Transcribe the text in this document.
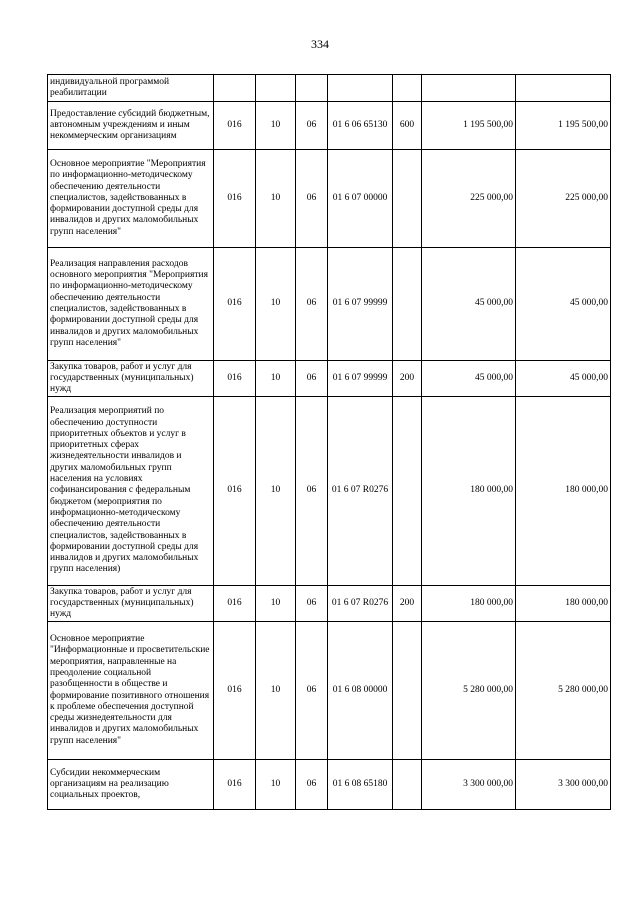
334
индивидуальной программой реабилитации							
Предоставление субсидий бюджетным, автономным учреждениям и иным некоммерческим организациям	016	10	06	01 6 06 65130	600	1 195 500,00	1 195 500,00
Основное мероприятие "Мероприятия по информационно-методическому обеспечению деятельности специалистов, задействованных в формировании доступной среды для инвалидов и других маломобильных групп населения"	016	10	06	01 6 07 00000		225 000,00	225 000,00
Реализация направления расходов основного мероприятия "Мероприятия по информационно-методическому обеспечению деятельности специалистов, задействованных в формировании доступной среды для инвалидов и других маломобильных групп населения"	016	10	06	01 6 07 99999		45 000,00	45 000,00
Закупка товаров, работ и услуг для государственных (муниципальных) нужд	016	10	06	01 6 07 99999	200	45 000,00	45 000,00
Реализация мероприятий по обеспечению доступности приоритетных объектов и услуг в приоритетных сферах жизнедеятельности инвалидов и других маломобильных групп населения на условиях софинансирования с федеральным бюджетом (мероприятия по информационно-методическому обеспечению деятельности специалистов, задействованных в формировании доступной среды для инвалидов и других маломобильных групп населения)	016	10	06	01 6 07 R0276		180 000,00	180 000,00
Закупка товаров, работ и услуг для государственных (муниципальных) нужд	016	10	06	01 6 07 R0276	200	180 000,00	180 000,00
Основное мероприятие "Информационные и просветительские мероприятия, направленные на преодоление социальной разобщенности в обществе и формирование позитивного отношения к проблеме обеспечения доступной среды жизнедеятельности для инвалидов и других маломобильных групп населения"	016	10	06	01 6 08 00000		5 280 000,00	5 280 000,00
Субсидии некоммерческим организациям на реализацию социальных проектов,	016	10	06	01 6 08 65180		3 300 000,00	3 300 000,00
